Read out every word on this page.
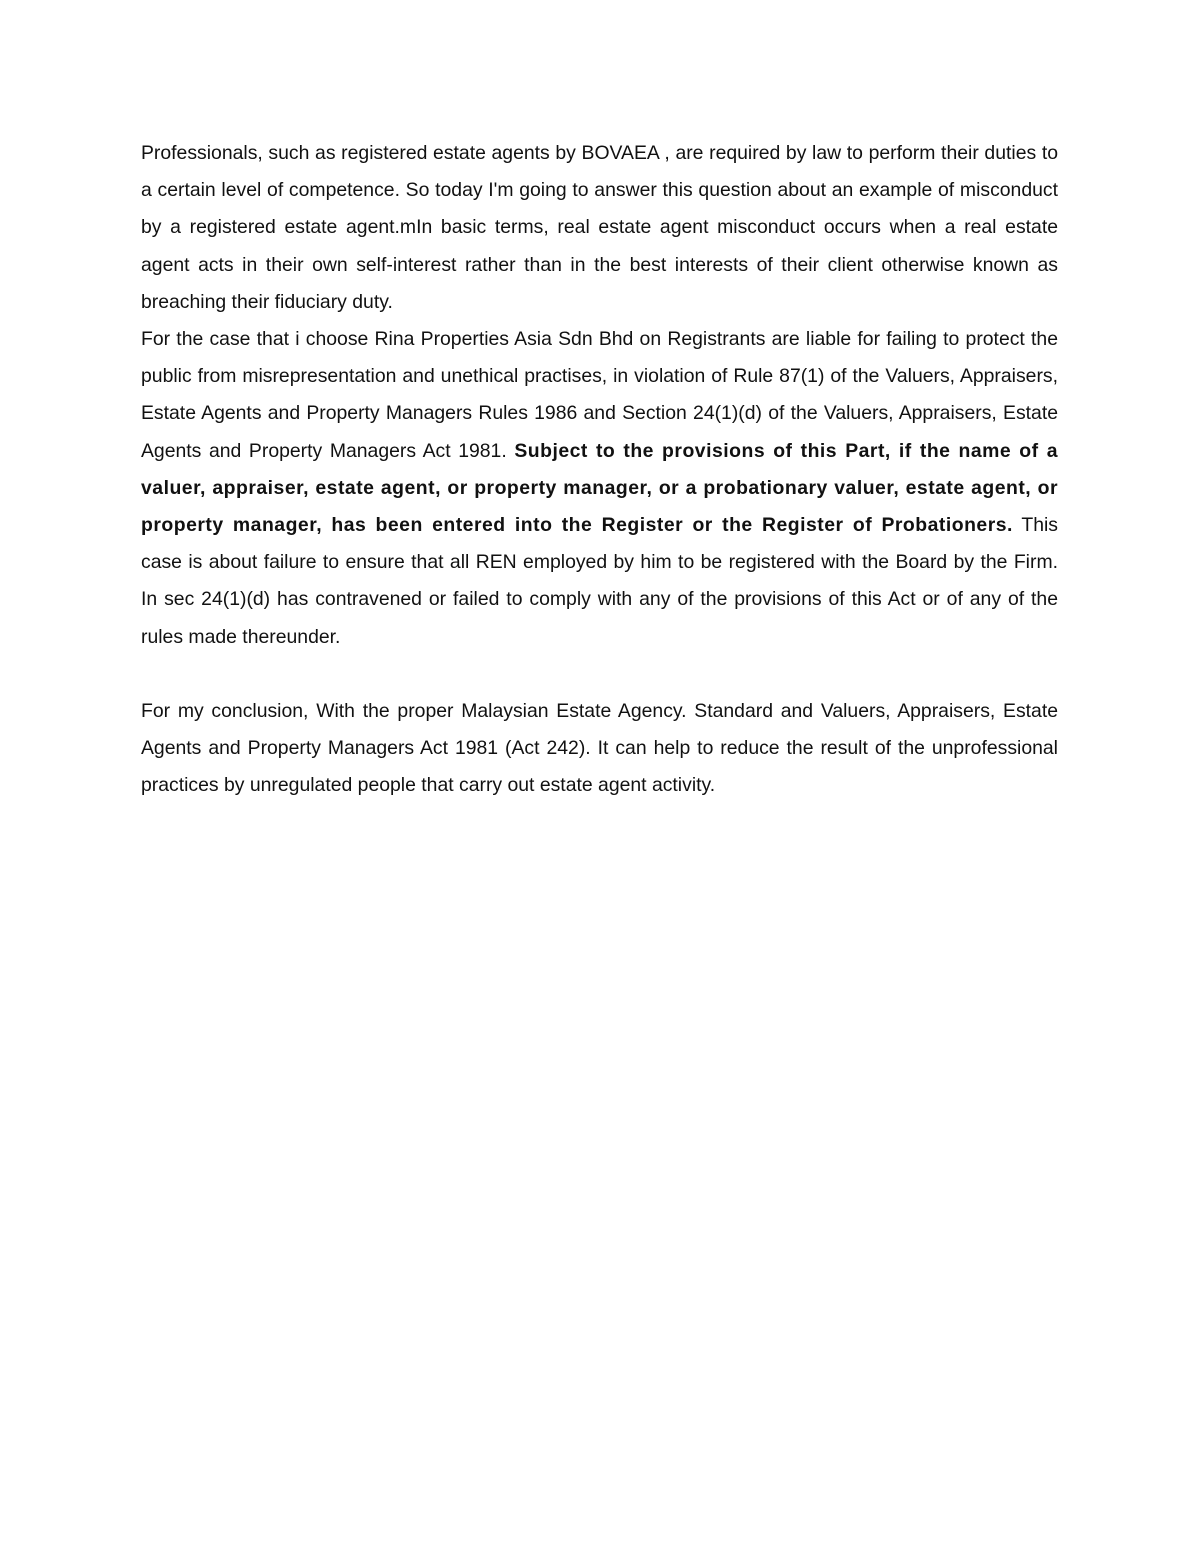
Professionals, such as registered estate agents by BOVAEA , are required by law to perform their duties to a certain level of competence. So today I'm going to answer this question about an example of misconduct by a registered estate agent.mIn basic terms, real estate agent misconduct occurs when a real estate agent acts in their own self-interest rather than in the best interests of their client otherwise known as breaching their fiduciary duty.

For the case that i choose Rina Properties Asia Sdn Bhd on Registrants are liable for failing to protect the public from misrepresentation and unethical practises, in violation of Rule 87(1) of the Valuers, Appraisers, Estate Agents and Property Managers Rules 1986 and Section 24(1)(d) of the Valuers, Appraisers, Estate Agents and Property Managers Act 1981. Subject to the provisions of this Part, if the name of a valuer, appraiser, estate agent, or property manager, or a probationary valuer, estate agent, or property manager, has been entered into the Register or the Register of Probationers. This case is about failure to ensure that all REN employed by him to be registered with the Board by the Firm. In sec 24(1)(d) has contravened or failed to comply with any of the provisions of this Act or of any of the rules made thereunder.

For my conclusion, With the proper Malaysian Estate Agency. Standard and Valuers, Appraisers, Estate Agents and Property Managers Act 1981 (Act 242). It can help to reduce the result of the unprofessional practices by unregulated people that carry out estate agent activity.
